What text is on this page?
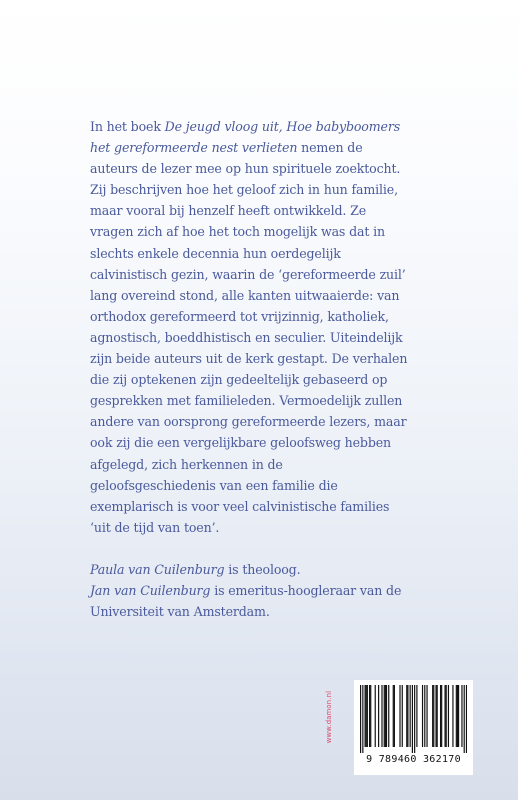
In het boek De jeugd vloog uit, Hoe babyboomers het gereformeerde nest verlieten nemen de auteurs de lezer mee op hun spirituele zoektocht. Zij beschrijven hoe het geloof zich in hun familie, maar vooral bij henzelf heeft ontwikkeld. Ze vragen zich af hoe het toch mogelijk was dat in slechts enkele decennia hun oerdegelijk calvinistisch gezin, waarin de ‘gereformeerde zuil’ lang overeind stond, alle kanten uitwaaierde: van orthodox gereformeerd tot vrijzinnig, katholiek, agnostisch, boeddhistisch en seculier. Uiteindelijk zijn beide auteurs uit de kerk gestapt. De verhalen die zij optekenen zijn gedeeltelijk gebaseerd op gesprekken met familieleden. Vermoedelijk zullen andere van oorsprong gereformeerde lezers, maar ook zij die een vergelijkbare geloofsweg hebben afgelegd, zich herkennen in de geloofsgeschiedenis van een familie die exemplarisch is voor veel calvinistische families ‘uit de tijd van toen’.

Paula van Cuilenburg is theoloog.

Jan van Cuilenburg is emeritus-hoogleraar van de Universiteit van Amsterdam.

www.damon.nl
9 789460 362170
